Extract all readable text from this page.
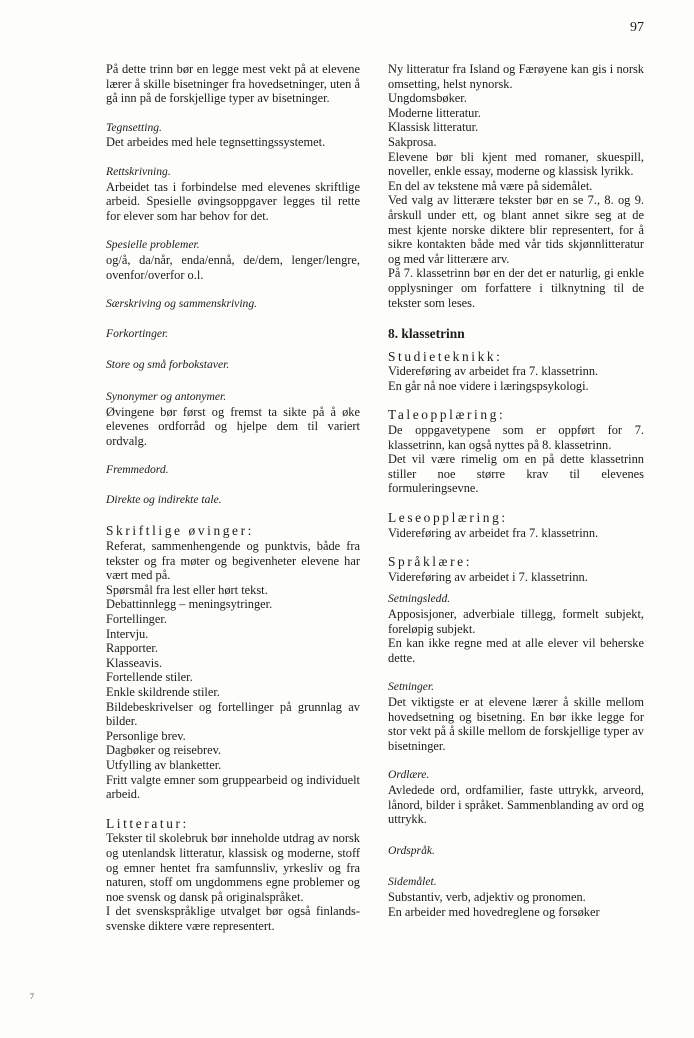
97

På dette trinn bør en legge mest vekt på at elevene lærer å skille bisetninger fra hovedsetninger, uten å gå inn på de forskjellige typer av bisetninger.

Tegnsetting.

Det arbeides med hele tegnsettingssystemet.

Rettskrivning.

Arbeidet tas i forbindelse med elevenes skriftlige arbeid. Spesielle øvingsoppgaver legges til rette for elever som har behov for det.

Spesielle problemer.

og/å, da/når, enda/ennå, de/dem, lenger/lengre, ovenfor/overfor o.l.

Særskriving og sammenskriving.

Forkortinger.

Store og små forbokstaver.

Synonymer og antonymer.

Øvingene bør først og fremst ta sikte på å øke elevenes ordforråd og hjelpe dem til variert ordvalg.

Fremmedord.

Direkte og indirekte tale.

Skriftlige øvinger:

Referat, sammenhengende og punktvis, både fra tekster og fra møter og begivenheter elevene har vært med på.

Spørsmål fra lest eller hørt tekst.

Debattinnlegg – meningsytringer.

Fortellinger.

Intervju.

Rapporter.

Klasseavis.

Fortellende stiler.

Enkle skildrende stiler.

Bildebeskrivelser og fortellinger på grunnlag av bilder.

Personlige brev.

Dagbøker og reisebrev.

Utfylling av blanketter.

Fritt valgte emner som gruppearbeid og individuelt arbeid.

Litteratur:

Tekster til skolebruk bør inneholde utdrag av norsk og utenlandsk litteratur, klassisk og moderne, stoff og emner hentet fra samfunnsliv, yrkesliv og fra naturen, stoff om ungdommens egne problemer og noe svensk og dansk på originalspråket.

I det svenskspråklige utvalget bør også finlands-svenske diktere være representert.

Ny litteratur fra Island og Færøyene kan gis i norsk omsetting, helst nynorsk.

Ungdomsbøker.

Moderne litteratur.

Klassisk litteratur.

Sakprosa.

Elevene bør bli kjent med romaner, skuespill, noveller, enkle essay, moderne og klassisk lyrikk.

En del av tekstene må være på sidemålet.

Ved valg av litterære tekster bør en se 7., 8. og 9. årskull under ett, og blant annet sikre seg at de mest kjente norske diktere blir representert, for å sikre kontakten både med vår tids skjønnlitteratur og med vår litterære arv.

På 7. klassetrinn bør en der det er naturlig, gi enkle opplysninger om forfattere i tilknytning til de tekster som leses.

8. klassetrinn

Studieteknikk:

Videreføring av arbeidet fra 7. klassetrinn.

En går nå noe videre i læringspsykologi.

Taleopplæring:

De oppgavetypene som er oppført for 7. klassetrinn, kan også nyttes på 8. klassetrinn.

Det vil være rimelig om en på dette klassetrinn stiller noe større krav til elevenes formuleringsevne.

Leseopplæring:

Videreføring av arbeidet fra 7. klassetrinn.

Språklære:

Videreføring av arbeidet i 7. klassetrinn.

Setningsledd.

Apposisjoner, adverbiale tillegg, formelt subjekt, foreløpig subjekt.

En kan ikke regne med at alle elever vil beherske dette.

Setninger.

Det viktigste er at elevene lærer å skille mellom hovedsetning og bisetning. En bør ikke legge for stor vekt på å skille mellom de forskjellige typer av bisetninger.

Ordlære.

Avledede ord, ordfamilier, faste uttrykk, arveord, lånord, bilder i språket. Sammenblanding av ord og uttrykk.

Ordspråk.

Sidemålet.

Substantiv, verb, adjektiv og pronomen.

En arbeider med hovedreglene og forsøker

7
